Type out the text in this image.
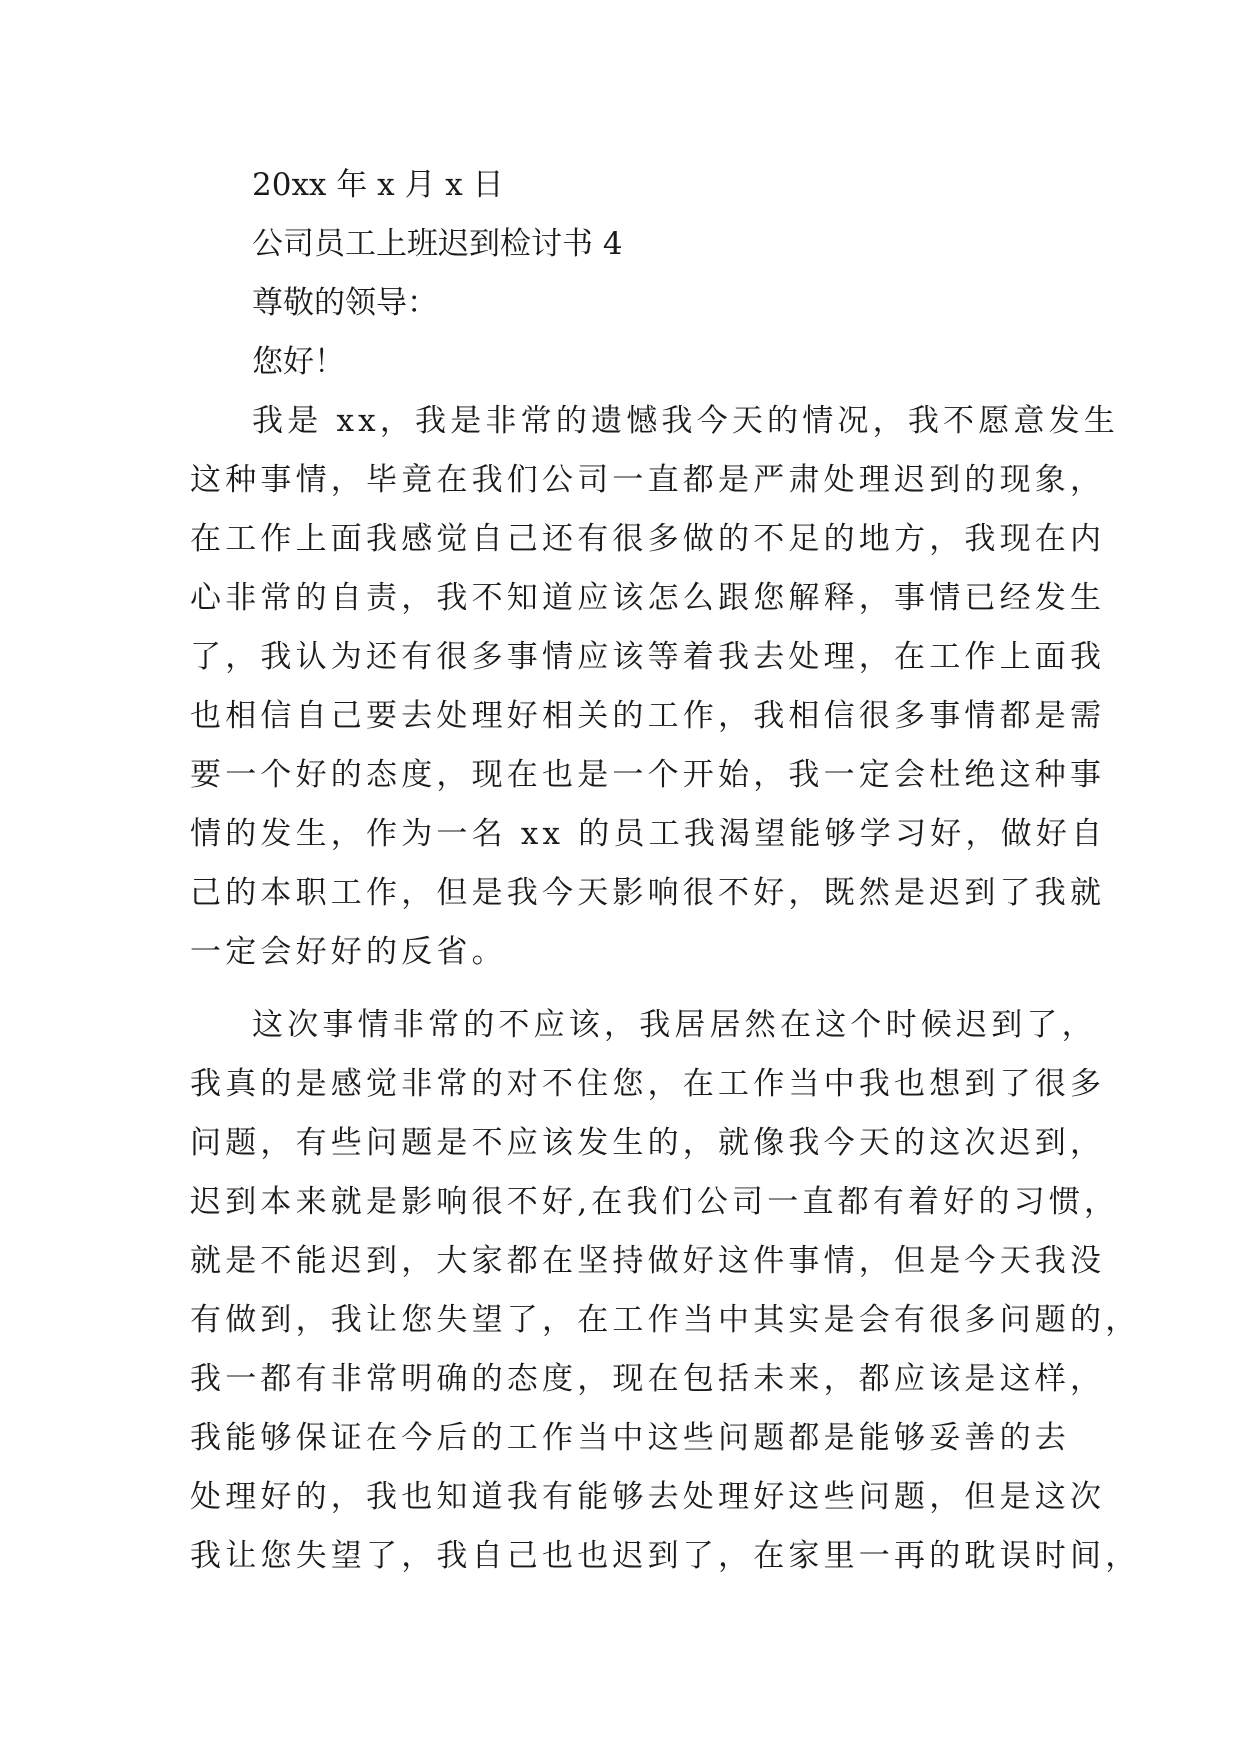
20xx 年 x 月 x 日
公司员工上班迟到检讨书 4
尊敬的领导：
您好！
我是 xx，我是非常的遗憾我今天的情况，我不愿意发生
这种事情，毕竟在我们公司一直都是严肃处理迟到的现象，
在工作上面我感觉自己还有很多做的不足的地方，我现在内
心非常的自责，我不知道应该怎么跟您解释，事情已经发生
了，我认为还有很多事情应该等着我去处理，在工作上面我
也相信自己要去处理好相关的工作，我相信很多事情都是需
要一个好的态度，现在也是一个开始，我一定会杜绝这种事
情的发生，作为一名 xx 的员工我渴望能够学习好，做好自
己的本职工作，但是我今天影响很不好，既然是迟到了我就
一定会好好的反省。
这次事情非常的不应该，我居居然在这个时候迟到了，
我真的是感觉非常的对不住您，在工作当中我也想到了很多
问题，有些问题是不应该发生的，就像我今天的这次迟到，
迟到本来就是影响很不好,在我们公司一直都有着好的习惯，
就是不能迟到，大家都在坚持做好这件事情，但是今天我没
有做到，我让您失望了，在工作当中其实是会有很多问题的，
我一都有非常明确的态度，现在包括未来，都应该是这样，
我能够保证在今后的工作当中这些问题都是能够妥善的去
处理好的，我也知道我有能够去处理好这些问题，但是这次
我让您失望了，我自己也也迟到了，在家里一再的耽误时间，
